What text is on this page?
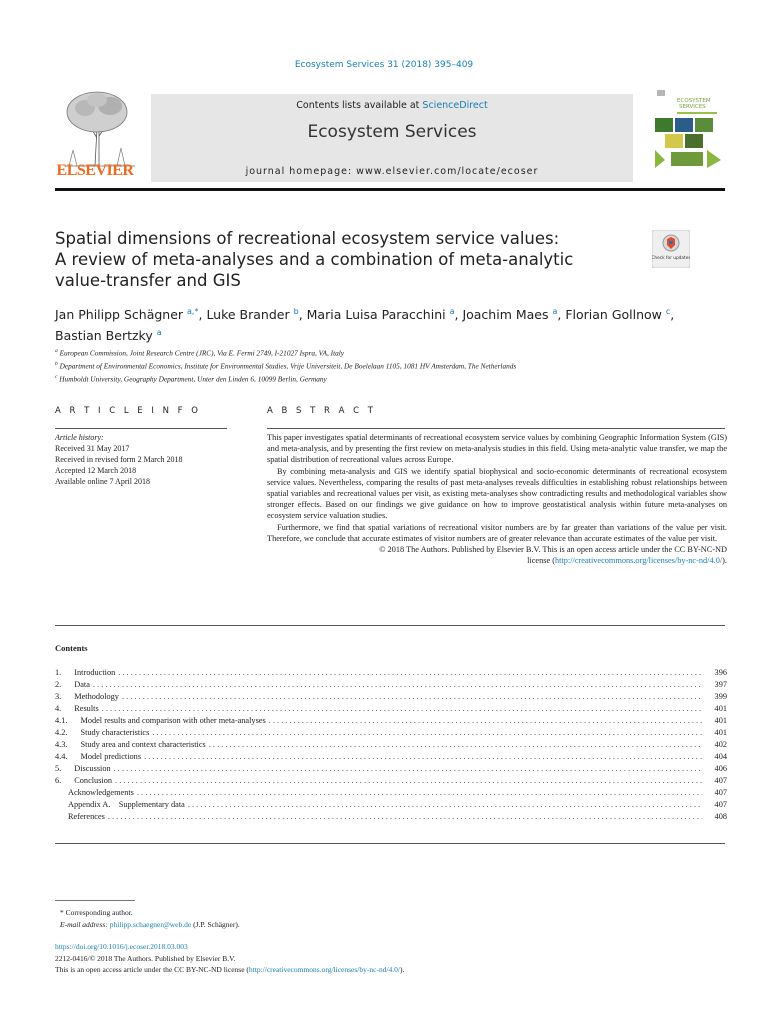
Ecosystem Services 31 (2018) 395–409
ELSEVIER
Contents lists available at ScienceDirect
Ecosystem Services
journal homepage: www.elsevier.com/locate/ecoser
ECOSYSTEM
SERVICES
Spatial dimensions of recreational ecosystem service values:
A review of meta-analyses and a combination of meta-analytic
value-transfer and GIS
Check for updates
Jan Philipp Schägner $^{a,*}$, Luke Brander $^b$, Maria Luisa Paracchini $^a$, Joachim Maes $^a$, Florian Gollnow $^c$,
Bastian Bertzky $^a$
$^a$ European Commission, Joint Research Centre (JRC), Via E. Fermi 2749, I-21027 Ispra, VA, Italy
$^b$ Department of Environmental Economics, Institute for Environmental Studies, Vrije Universiteit, De Boelelaan 1105, 1081 HV Amsterdam, The Netherlands
$^c$ Humboldt University, Geography Department, Unter den Linden 6, 10099 Berlin, Germany
A R T I C L E I N F O	A B S T R A C T
Article history:
Received 31 May 2017
Received in revised form 2 March 2018
Accepted 12 March 2018
Available online 7 April 2018

This paper investigates spatial determinants of recreational ecosystem service values by combining Geographic Information System (GIS) and meta-analysis, and by presenting the first review on meta-analysis studies in this field. Using meta-analytic value transfer, we map the spatial distribution of recreational values across Europe.

By combining meta-analysis and GIS we identify spatial biophysical and socio-economic determinants of recreational ecosystem service values. Nevertheless, comparing the results of past meta-analyses reveals difficulties in establishing robust relationships between spatial variables and recreational values per visit, as existing meta-analyses show contradicting results and methodological variables show stronger effects. Based on our findings we give guidance on how to improve geostatistical analysis within future meta-analyses on ecosystem service valuation studies.

Furthermore, we find that spatial variations of recreational visitor numbers are by far greater than variations of the value per visit. Therefore, we conclude that accurate estimates of visitor numbers are of greater relevance than accurate estimates of the value per visit.

© 2018 The Authors. Published by Elsevier B.V. This is an open access article under the CC BY-NC-ND
license (http://creativecommons.org/licenses/by-nc-nd/4.0/).
Contents
1. Introduction . . .	396
2. Data . . .	397
3. Methodology . . .	399
4. Results . . .	401
4.1. Model results and comparison with other meta-analyses . . .	401
4.2. Study characteristics . . .	401
4.3. Study area and context characteristics . . .	402
4.4. Model predictions . . .	404
5. Discussion . . .	406
6. Conclusion . . .	407
Acknowledgements . . .	407
Appendix A.    Supplementary data . . .	407
References . . .	408
* Corresponding author.
E-mail address: philipp.schaegner@web.de (J.P. Schägner).
https://doi.org/10.1016/j.ecoser.2018.03.003
2212-0416/© 2018 The Authors. Published by Elsevier B.V.
This is an open access article under the CC BY-NC-ND license (http://creativecommons.org/licenses/by-nc-nd/4.0/).
